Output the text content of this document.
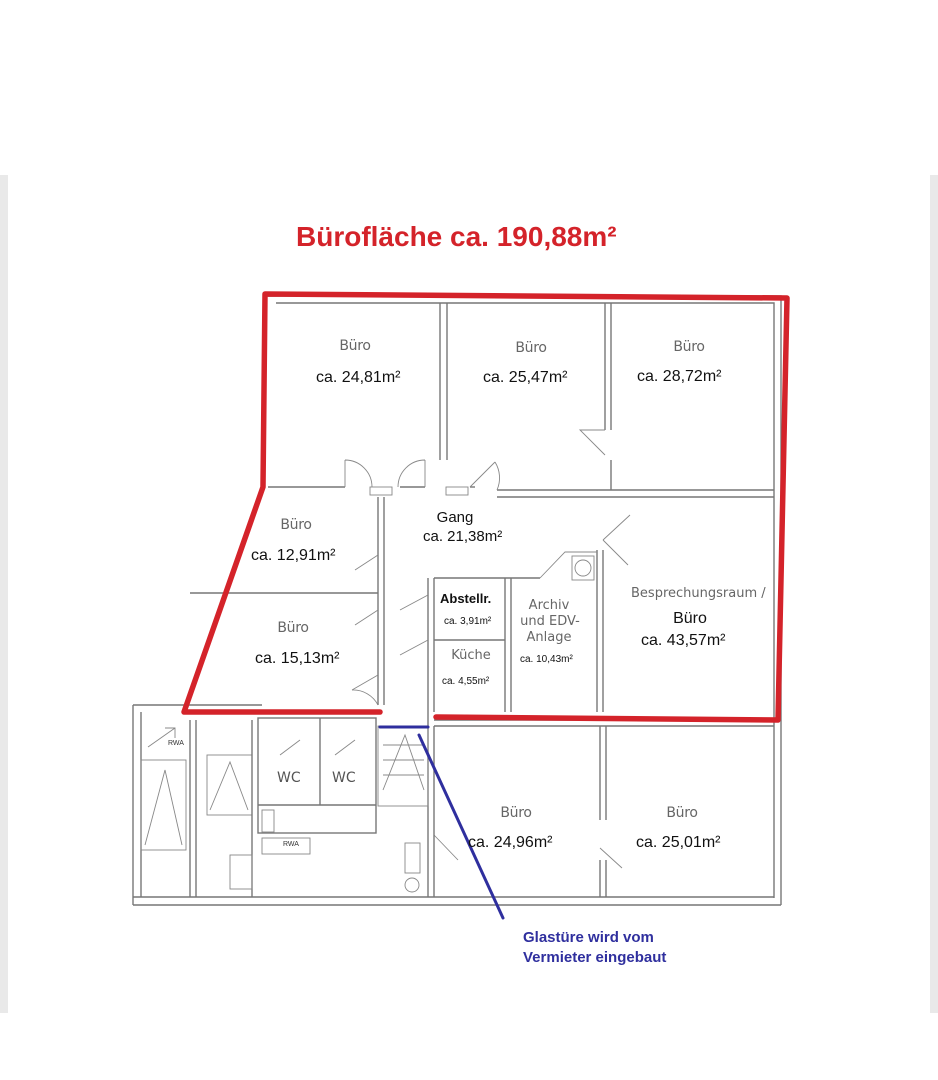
Bürofläche ca. 190,88m²
Büro
ca. 24,81m²
Büro
ca. 25,47m²
Büro
ca. 28,72m²
Büro
ca. 12,91m²
Gang
ca. 21,38m²
Büro
ca. 15,13m²
Abstellr.
ca. 3,91m²
Küche
ca. 4,55m²
Archiv
und EDV-
Anlage
ca. 10,43m²
Besprechungsraum /
Büro
ca. 43,57m²
Büro
ca. 24,96m²
Büro
ca. 25,01m²
WC WC
RWA
RWA
Glastüre wird vom
Vermieter eingebaut
